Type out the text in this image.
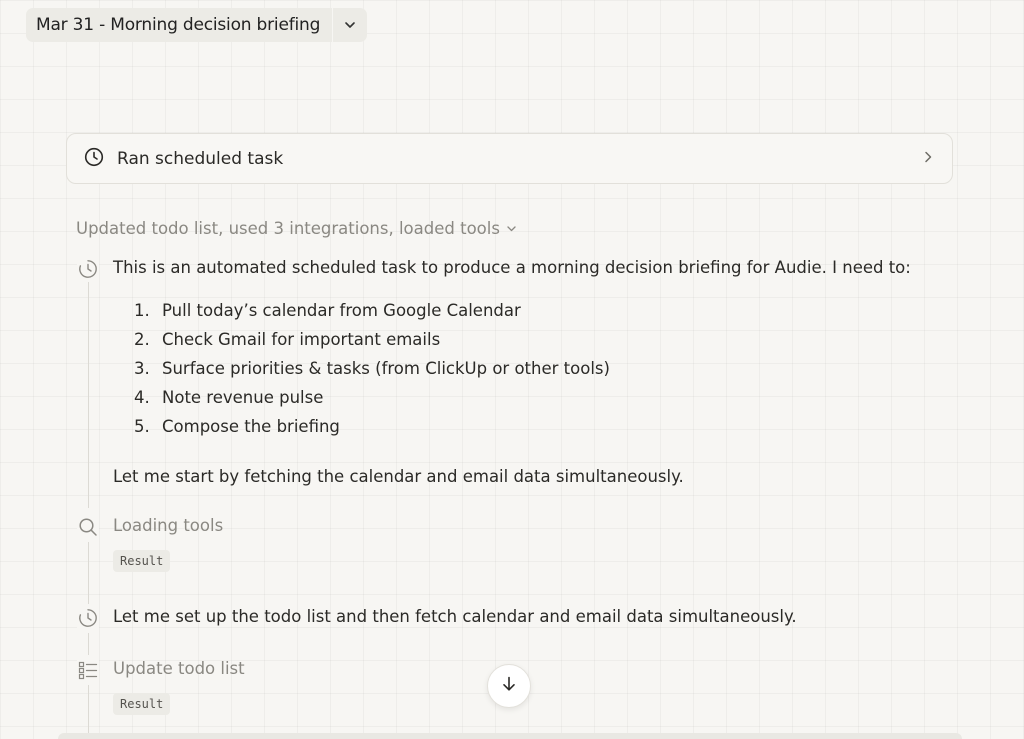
Mar 31 - Morning decision briefing
Ran scheduled task
Updated todo list, used 3 integrations, loaded tools
This is an automated scheduled task to produce a morning decision briefing for Audie. I need to:
1. Pull today’s calendar from Google Calendar
2. Check Gmail for important emails
3. Surface priorities & tasks (from ClickUp or other tools)
4. Note revenue pulse
5. Compose the briefing
Let me start by fetching the calendar and email data simultaneously.
Loading tools
Result
Let me set up the todo list and then fetch calendar and email data simultaneously.
Update todo list
Result
